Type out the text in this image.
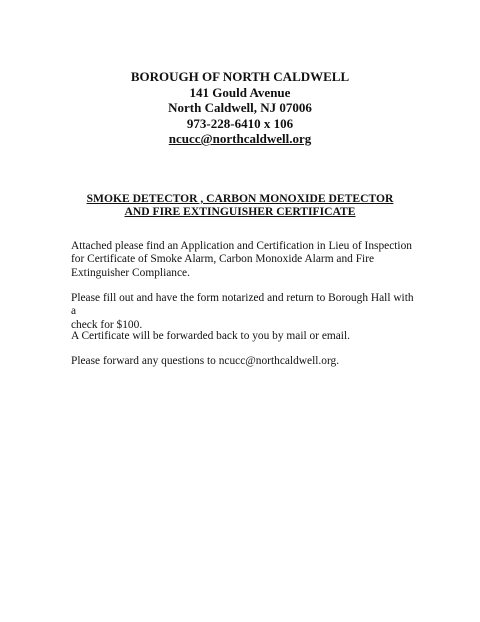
BOROUGH OF NORTH CALDWELL
141 Gould Avenue
North Caldwell, NJ 07006
973-228-6410 x 106
ncucc@northcaldwell.org
SMOKE DETECTOR , CARBON MONOXIDE DETECTOR
AND FIRE EXTINGUISHER CERTIFICATE

Attached please find an Application and Certification in Lieu of Inspection
for Certificate of Smoke Alarm, Carbon Monoxide Alarm and Fire
Extinguisher Compliance.

Please fill out and have the form notarized and return to Borough Hall with a
check for $100.

A Certificate will be forwarded back to you by mail or email.

Please forward any questions to ncucc@northcaldwell.org.
